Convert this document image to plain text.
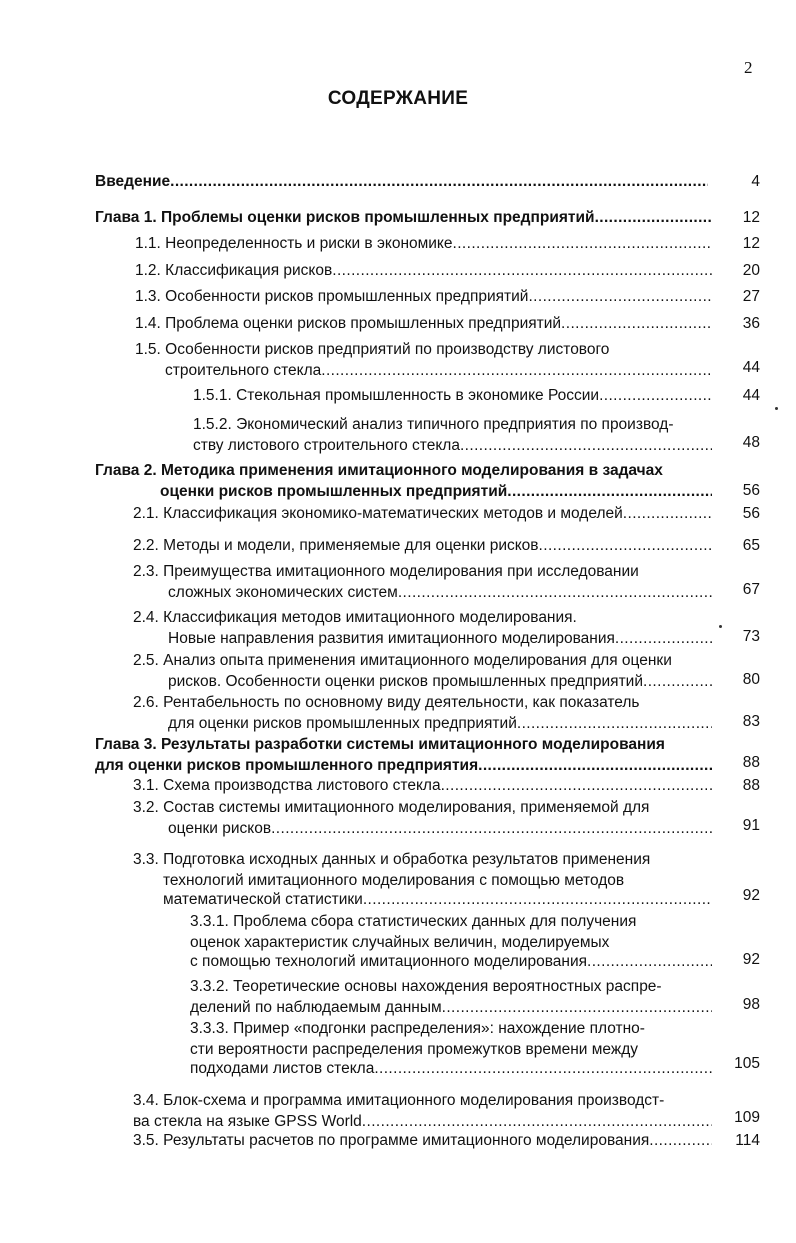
2
СОДЕРЖАНИЕ
Введение .....	4
Глава 1. Проблемы оценки рисков промышленных предприятий .....	12
1.1. Неопределенность и риски в экономике .....	12
1.2. Классификация рисков .....	20
1.3. Особенности рисков промышленных предприятий .....	27
1.4. Проблема оценки рисков промышленных предприятий .....	36
1.5. Особенности рисков предприятий по производству листового
строительного стекла .....	44
1.5.1. Стекольная промышленность в экономике России .....	44
1.5.2. Экономический анализ типичного предприятия по производ-
ству листового строительного стекла .....	48
Глава 2. Методика применения имитационного моделирования в задачах
оценки рисков промышленных предприятий .....	56
2.1. Классификация экономико-математических методов и моделей .....	56
2.2. Методы и модели, применяемые для оценки рисков .....	65
2.3. Преимущества имитационного моделирования при исследовании
сложных экономических систем .....	67
2.4. Классификация методов имитационного моделирования.
Новые направления развития имитационного моделирования .....	73
2.5. Анализ опыта применения имитационного моделирования для оценки
рисков. Особенности оценки рисков промышленных предприятий .....	80
2.6. Рентабельность по основному виду деятельности, как показатель
для оценки рисков промышленных предприятий .....	83
Глава 3. Результаты разработки системы имитационного моделирования
для оценки рисков промышленного предприятия .....	88
3.1. Схема производства листового стекла .....	88
3.2. Состав системы имитационного моделирования, применяемой для
оценки рисков .....	91
3.3. Подготовка исходных данных и обработка результатов применения
технологий имитационного моделирования с помощью методов
математической статистики .....	92
3.3.1. Проблема сбора статистических данных для получения
оценок характеристик случайных величин, моделируемых
с помощью технологий имитационного моделирования .....	92
3.3.2. Теоретические основы нахождения вероятностных распре-
делений по наблюдаемым данным .....	98
3.3.3. Пример «подгонки распределения»: нахождение плотно-
сти вероятности распределения промежутков времени между
подходами листов стекла .....	105
3.4. Блок-схема и программа имитационного моделирования производст-
ва стекла на языке GPSS World .....	109
3.5. Результаты расчетов по программе имитационного моделирования .....	114
